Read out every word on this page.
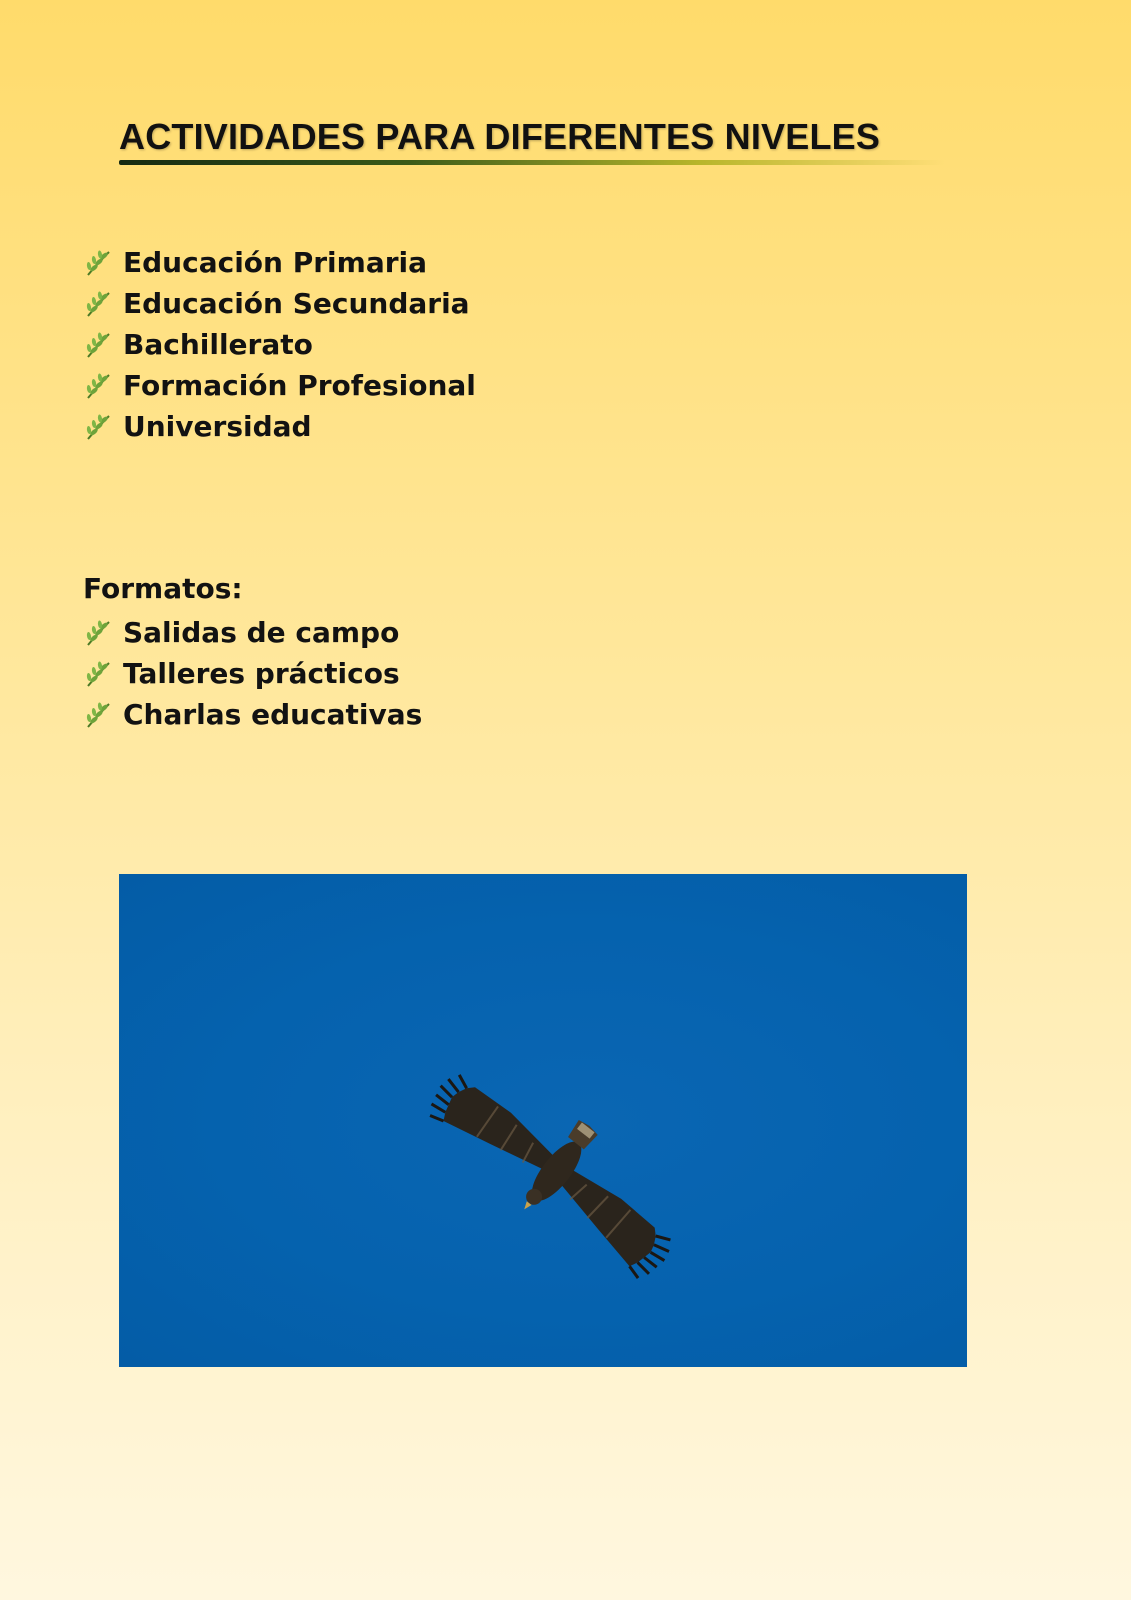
ACTIVIDADES PARA DIFERENTES NIVELES
Educación Primaria
Educación Secundaria
Bachillerato
Formación Profesional
Universidad

Formatos:

Salidas de campo
Talleres prácticos
Charlas educativas
